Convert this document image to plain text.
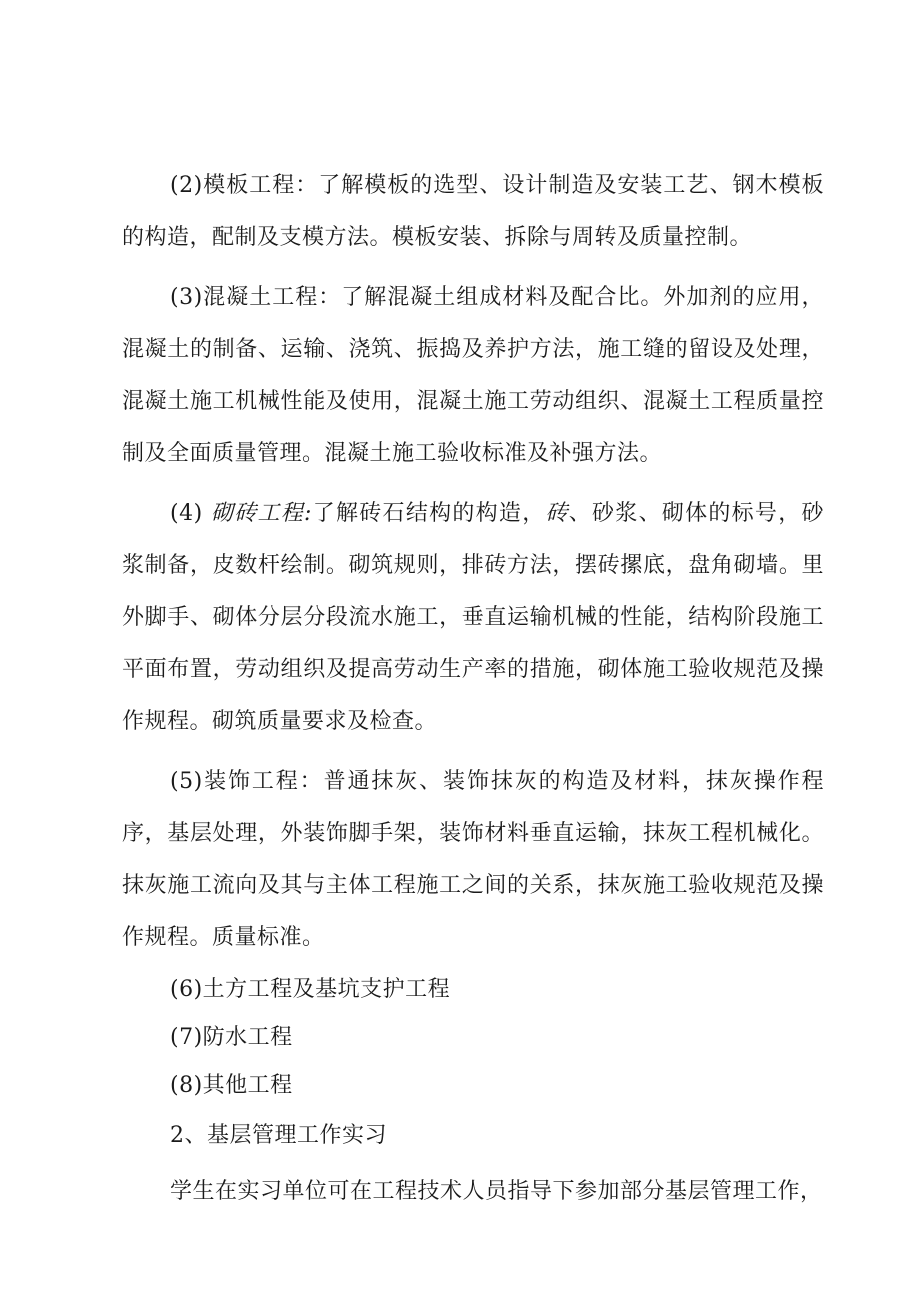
(2)模板工程：了解模板的选型、设计制造及安装工艺、钢木模板的构造，配制及支模方法。模板安装、拆除与周转及质量控制。

(3)混凝土工程：了解混凝土组成材料及配合比。外加剂的应用，混凝土的制备、运输、浇筑、振捣及养护方法，施工缝的留设及处理，混凝土施工机械性能及使用，混凝土施工劳动组织、混凝土工程质量控制及全面质量管理。混凝土施工验收标准及补强方法。

(4) 砌砖工程:了解砖石结构的构造，砖、砂浆、砌体的标号，砂浆制备，皮数杆绘制。砌筑规则，排砖方法，摆砖摞底，盘角砌墙。里外脚手、砌体分层分段流水施工，垂直运输机械的性能，结构阶段施工平面布置，劳动组织及提高劳动生产率的措施，砌体施工验收规范及操作规程。砌筑质量要求及检查。

(5)装饰工程：普通抹灰、装饰抹灰的构造及材料，抹灰操作程序，基层处理，外装饰脚手架，装饰材料垂直运输，抹灰工程机械化。抹灰施工流向及其与主体工程施工之间的关系，抹灰施工验收规范及操作规程。质量标准。

(6)土方工程及基坑支护工程

(7)防水工程

(8)其他工程

2、基层管理工作实习

学生在实习单位可在工程技术人员指导下参加部分基层管理工作，
